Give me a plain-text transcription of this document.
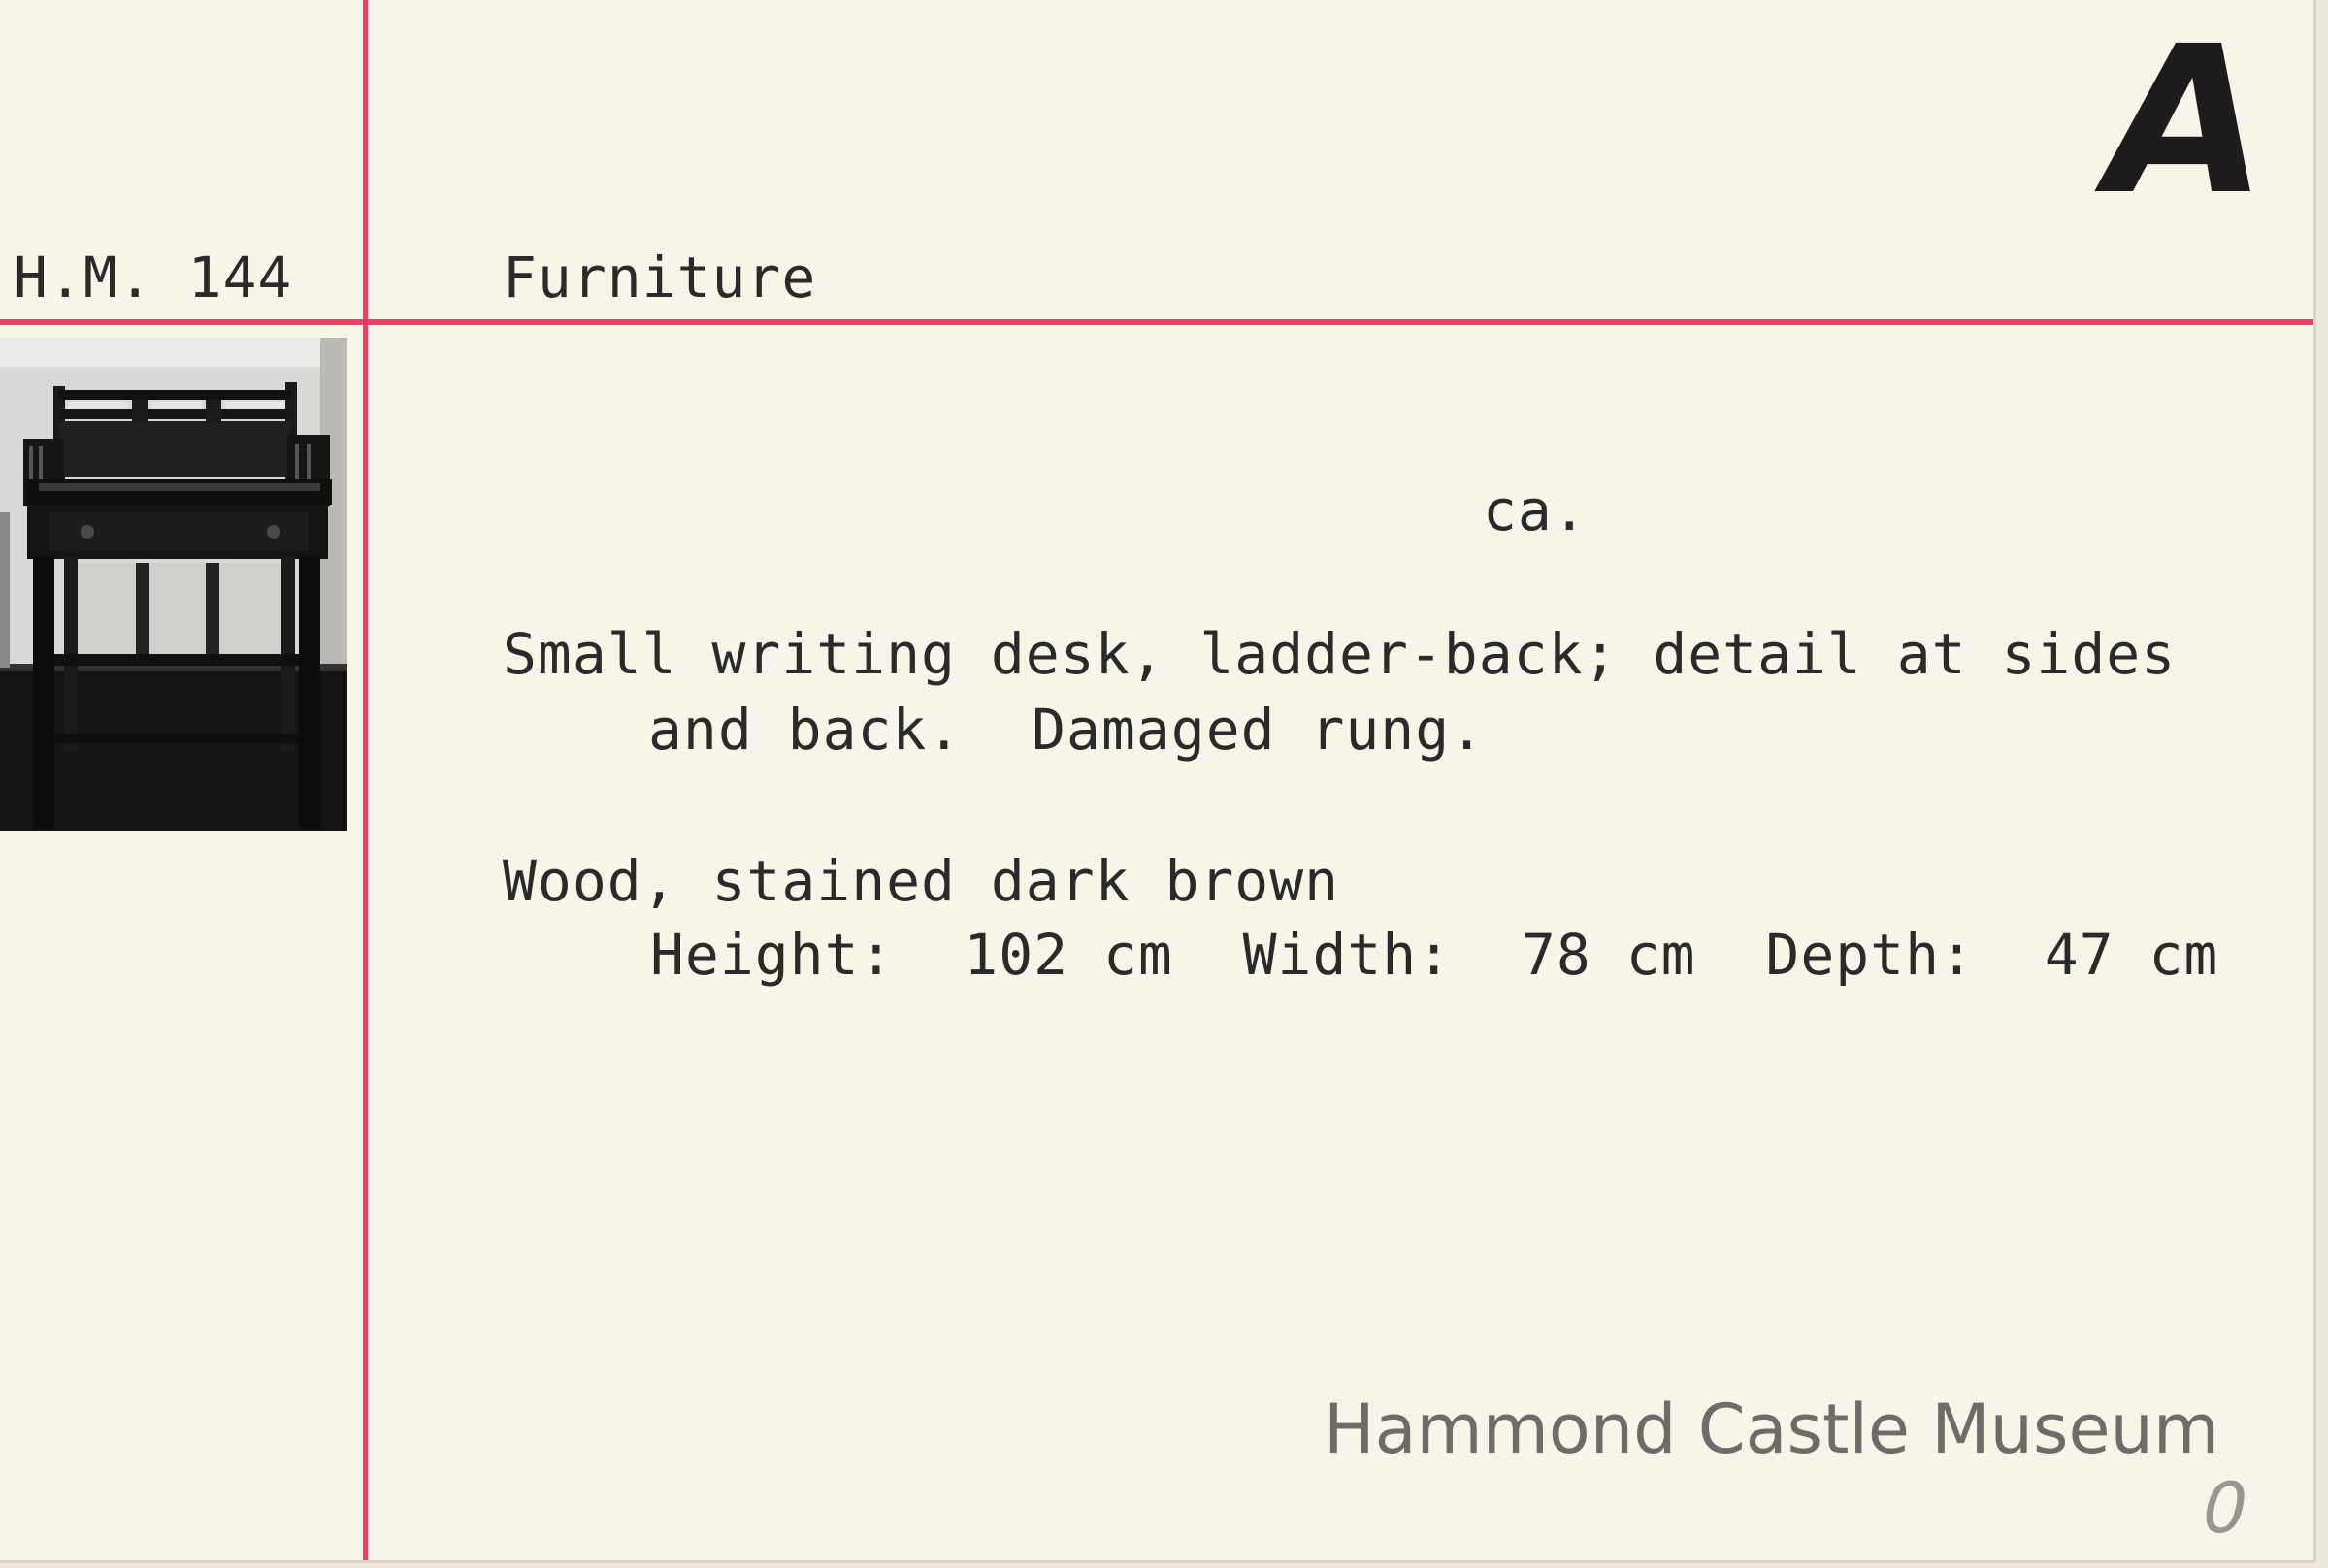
H.M. 144	Furniture
ca.
Small writing desk, ladder-back; detail at sides
and back.  Damaged rung.
Wood, stained dark brown
Height:  102 cm  Width:  78 cm  Depth:  47 cm
A
0
Hammond Castle Museum
